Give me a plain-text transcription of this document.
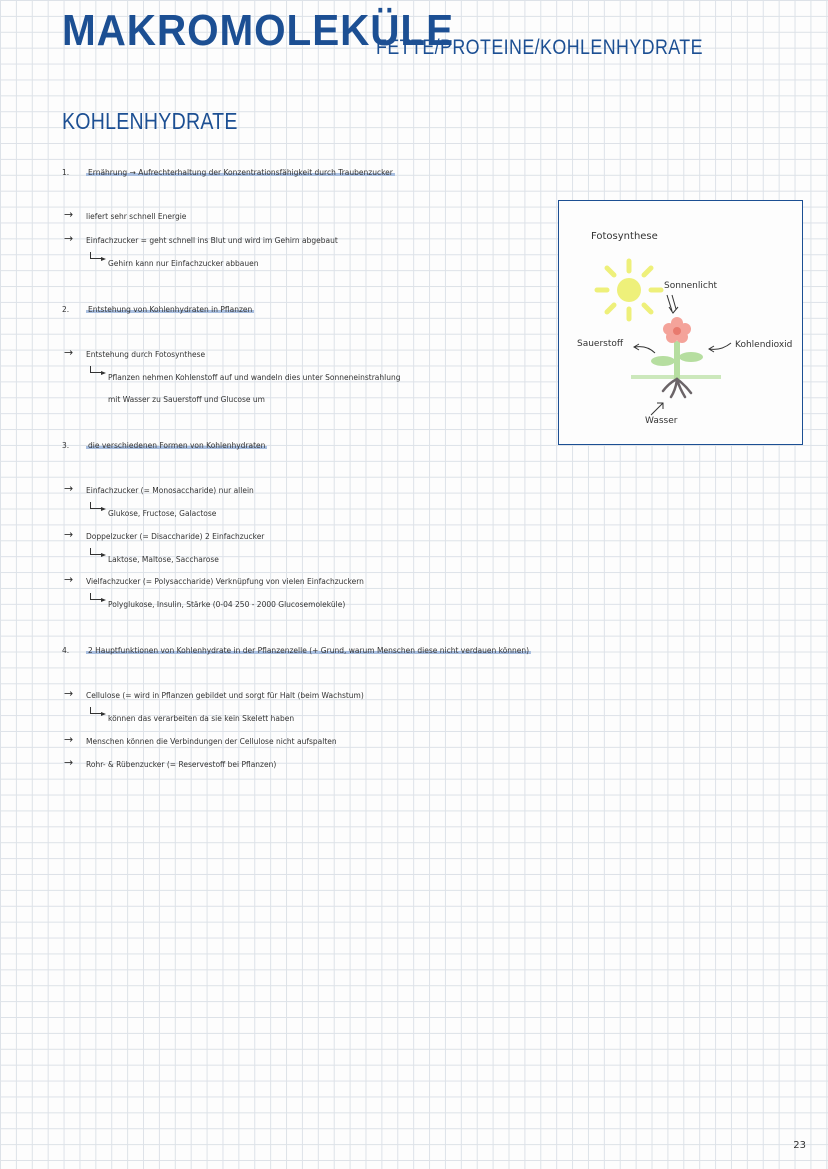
MAKROMOLEKÜLE
FETTE/PROTEINE/KOHLENHYDRATE
KOHLENHYDRATE
1.	Ernährung → Aufrechterhaltung der Konzentrationsfähigkeit durch Traubenzucker
→ liefert sehr schnell Energie
→ Einfachzucker = geht schnell ins Blut und wird im Gehirn abgebaut
Gehirn kann nur Einfachzucker abbauen
2.	Entstehung von Kohlenhydraten in Pflanzen
→ Entstehung durch Fotosynthese
Pflanzen nehmen Kohlenstoff auf und wandeln dies unter Sonneneinstrahlung
mit Wasser zu Sauerstoff und Glucose um
3.	die verschiedenen Formen von Kohlenhydraten
→ Einfachzucker (= Monosaccharide) nur allein
Glukose, Fructose, Galactose
→ Doppelzucker (= Disaccharide) 2 Einfachzucker
Laktose, Maltose, Saccharose
→ Vielfachzucker (= Polysaccharide) Verknüpfung von vielen Einfachzuckern
Polyglukose, Insulin, Stärke (0-04 250 - 2000 Glucosemoleküle)
4.	2 Hauptfunktionen von Kohlenhydrate in der Pflanzenzelle (+ Grund, warum Menschen diese nicht verdauen können)
→ Cellulose (= wird in Pflanzen gebildet und sorgt für Halt (beim Wachstum)
können das verarbeiten da sie kein Skelett haben
→ Menschen können die Verbindungen der Cellulose nicht aufspalten
→ Rohr- & Rübenzucker (= Reservestoff bei Pflanzen)
Fotosynthese
Sonnenlicht
Sauerstoff	Kohlendioxid
Wasser
23
